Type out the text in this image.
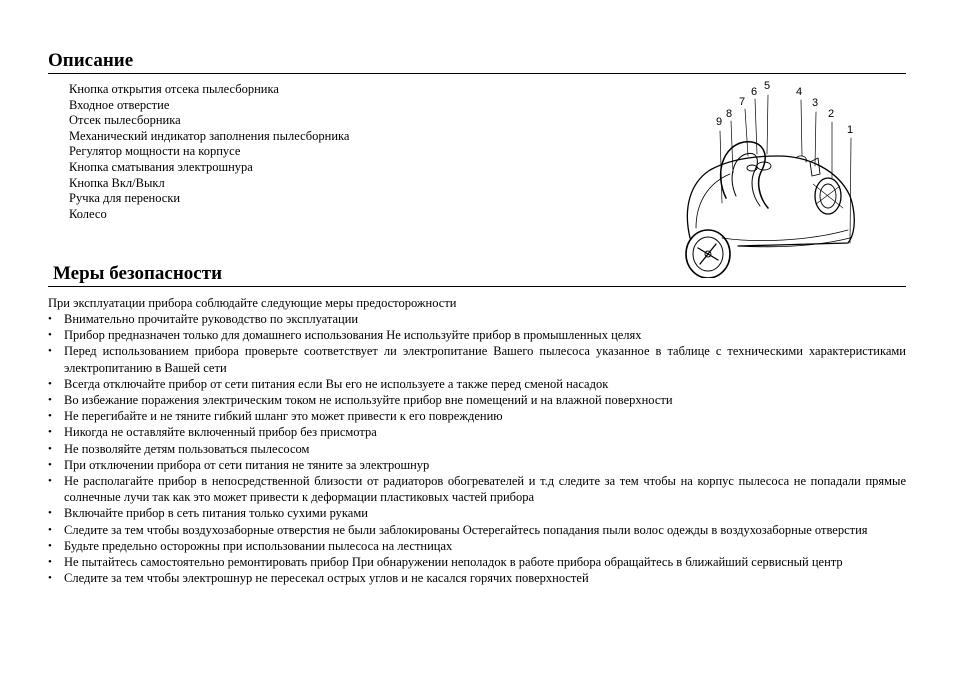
Описание
Кнопка открытия отсека пылесборника
Входное отверстие
Отсек пылесборника
Механический индикатор заполнения пылесборника
Регулятор мощности на корпусе
Кнопка сматывания электрошнура
Кнопка Вкл/Выкл
Ручка для переноски
Колесо
1
2
3
4
5
6
7
8
9
Меры безопасности
При эксплуатации прибора соблюдайте следующие меры предосторожности
• Внимательно прочитайте руководство по эксплуатации
• Прибор предназначен только для домашнего использования Не используйте прибор в промышленных целях
• Перед использованием прибора проверьте соответствует ли электропитание Вашего пылесоса указанное в таблице с техническими характеристиками электропитанию в Вашей сети
• Всегда отключайте прибор от сети питания если Вы его не используете а также перед сменой насадок
• Во избежание поражения электрическим током не используйте прибор вне помещений и на влажной поверхности
• Не перегибайте и не тяните гибкий шланг это может привести к его повреждению
• Никогда не оставляйте включенный прибор без присмотра
• Не позволяйте детям пользоваться пылесосом
• При отключении прибора от сети питания не тяните за электрошнур
• Не располагайте прибор в непосредственной близости от радиаторов обогревателей и т.д следите за тем чтобы на корпус пылесоса не попадали прямые солнечные лучи так как это может привести к деформации пластиковых частей прибора
• Включайте прибор в сеть питания только сухими руками
• Следите за тем чтобы воздухозаборные отверстия не были заблокированы Остерегайтесь попадания пыли волос одежды в воздухозаборные отверстия
• Будьте предельно осторожны при использовании пылесоса на лестницах
• Не пытайтесь самостоятельно ремонтировать прибор При обнаружении неполадок в работе прибора обращайтесь в ближайший сервисный центр
• Следите за тем чтобы электрошнур не пересекал острых углов и не касался горячих поверхностей
